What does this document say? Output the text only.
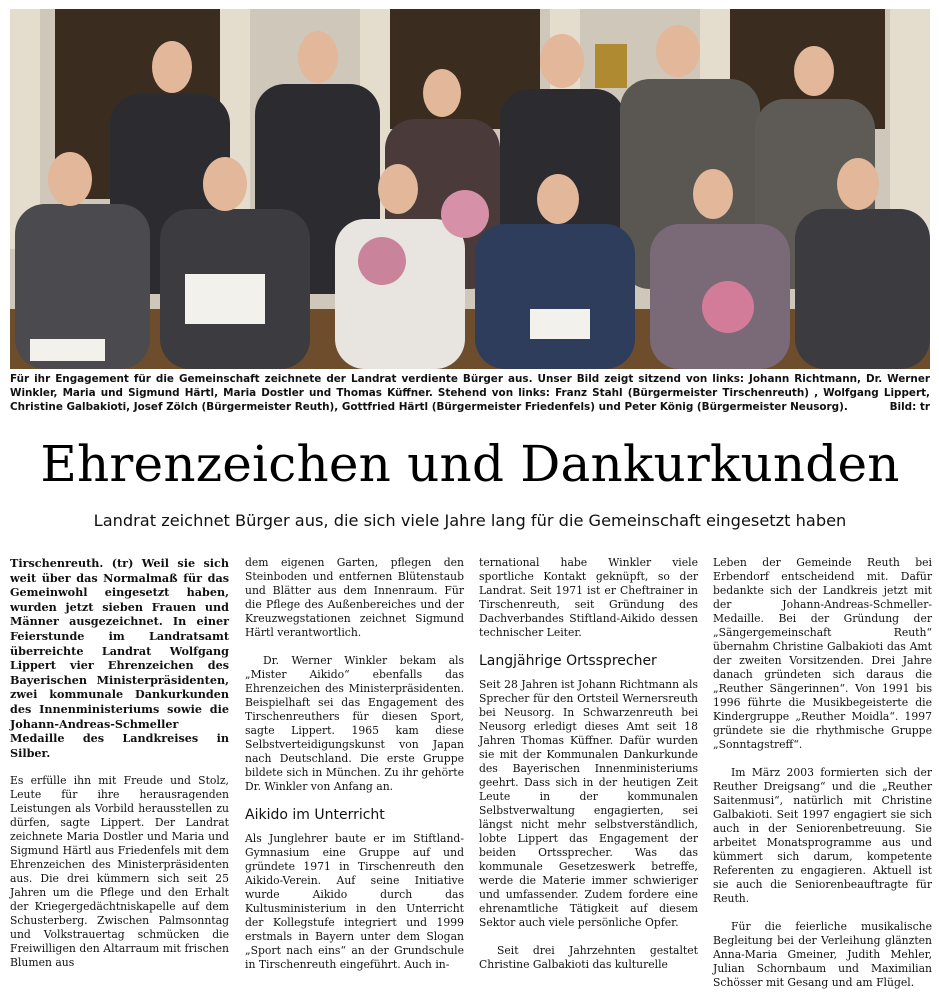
Für ihr Engagement für die Gemeinschaft zeichnete der Landrat verdiente Bürger aus. Unser Bild zeigt sitzend von links: Johann Richtmann, Dr. Werner Winkler, Maria und Sigmund Härtl, Maria Dostler und Thomas Küffner. Stehend von links: Franz Stahl (Bürgermeister Tirschenreuth) , Wolfgang Lippert, Christine Galbakioti, Josef Zölch (Bürgermeister Reuth), Gottfried Härtl (Bürgermeister Friedenfels) und Peter König (Bürgermeister Neusorg).	Bild: tr
Ehrenzeichen und Dankurkunden
Landrat zeichnet Bürger aus, die sich viele Jahre lang für die Gemeinschaft eingesetzt haben

Tirschenreuth. (tr) Weil sie sich weit über das Normalmaß für das Gemeinwohl eingesetzt haben, wurden jetzt sieben Frauen und Männer ausgezeichnet. In einer Feierstunde im Landratsamt überreichte Landrat Wolfgang Lippert vier Ehrenzeichen des Bayerischen Ministerpräsidenten, zwei kommunale Dankurkunden des Innenministeriums sowie die Johann-Andreas-Schmeller Medaille des Landkreises in Silber.

Es erfülle ihn mit Freude und Stolz, Leute für ihre herausragenden Leistungen als Vorbild herausstellen zu dürfen, sagte Lippert. Der Landrat zeichnete Maria Dostler und Maria und Sigmund Härtl aus Friedenfels mit dem Ehrenzeichen des Ministerpräsidenten aus. Die drei kümmern sich seit 25 Jahren um die Pflege und den Erhalt der Kriegergedächtniskapelle auf dem Schusterberg. Zwischen Palmsonntag und Volkstrauertag schmücken die Freiwilligen den Altarraum mit frischen Blumen aus

dem eigenen Garten, pflegen den Steinboden und entfernen Blütenstaub und Blätter aus dem Innenraum. Für die Pflege des Außenbereiches und der Kreuzwegstationen zeichnet Sigmund Härtl verantwortlich.

Dr. Werner Winkler bekam als „Mister Aikido“ ebenfalls das Ehrenzeichen des Ministerpräsidenten. Beispielhaft sei das Engagement des Tirschenreuthers für diesen Sport, sagte Lippert. 1965 kam diese Selbstverteidigungskunst von Japan nach Deutschland. Die erste Gruppe bildete sich in München. Zu ihr gehörte Dr. Winkler von Anfang an.

Aikido im Unterricht

Als Junglehrer baute er im Stiftland-Gymnasium eine Gruppe auf und gründete 1971 in Tirschenreuth den Aikido-Verein. Auf seine Initiative wurde Aikido durch das Kultusministerium in den Unterricht der Kollegstufe integriert und 1999 erstmals in Bayern unter dem Slogan „Sport nach eins“ an der Grundschule in Tirschenreuth eingeführt. Auch in-

ternational habe Winkler viele sportliche Kontakt geknüpft, so der Landrat. Seit 1971 ist er Cheftrainer in Tirschenreuth, seit Gründung des Dachverbandes Stiftland-Aikido dessen technischer Leiter.

Langjährige Ortssprecher

Seit 28 Jahren ist Johann Richtmann als Sprecher für den Ortsteil Wernersreuth bei Neusorg. In Schwarzenreuth bei Neusorg erledigt dieses Amt seit 18 Jahren Thomas Küffner. Dafür wurden sie mit der Kommunalen Dankurkunde des Bayerischen Innenministeriums geehrt. Dass sich in der heutigen Zeit Leute in der kommunalen Selbstverwaltung engagierten, sei längst nicht mehr selbstverständlich, lobte Lippert das Engagement der beiden Ortssprecher. Was das kommunale Gesetzeswerk betreffe, werde die Materie immer schwieriger und umfassender. Zudem fordere eine ehrenamtliche Tätigkeit auf diesem Sektor auch viele persönliche Opfer.

Seit drei Jahrzehnten gestaltet Christine Galbakioti das kulturelle

Leben der Gemeinde Reuth bei Erbendorf entscheidend mit. Dafür bedankte sich der Landkreis jetzt mit der Johann-Andreas-Schmeller-Medaille. Bei der Gründung der „Sängergemeinschaft Reuth“ übernahm Christine Galbakioti das Amt der zweiten Vorsitzenden. Drei Jahre danach gründeten sich daraus die „Reuther Sängerinnen“. Von 1991 bis 1996 führte die Musikbegeisterte die Kindergruppe „Reuther Moidla“. 1997 gründete sie die rhythmische Gruppe „Sonntagstreff“.

Im März 2003 formierten sich der Reuther Dreigsang“ und die „Reuther Saitenmusi“, natürlich mit Christine Galbakioti. Seit 1997 engagiert sie sich auch in der Seniorenbetreuung. Sie arbeitet Monatsprogramme aus und kümmert sich darum, kompetente Referenten zu engagieren. Aktuell ist sie auch die Seniorenbeauftragte für Reuth.

Für die feierliche musikalische Begleitung bei der Verleihung glänzten Anna-Maria Gmeiner, Judith Mehler, Julian Schornbaum und Maximilian Schösser mit Gesang und am Flügel.
